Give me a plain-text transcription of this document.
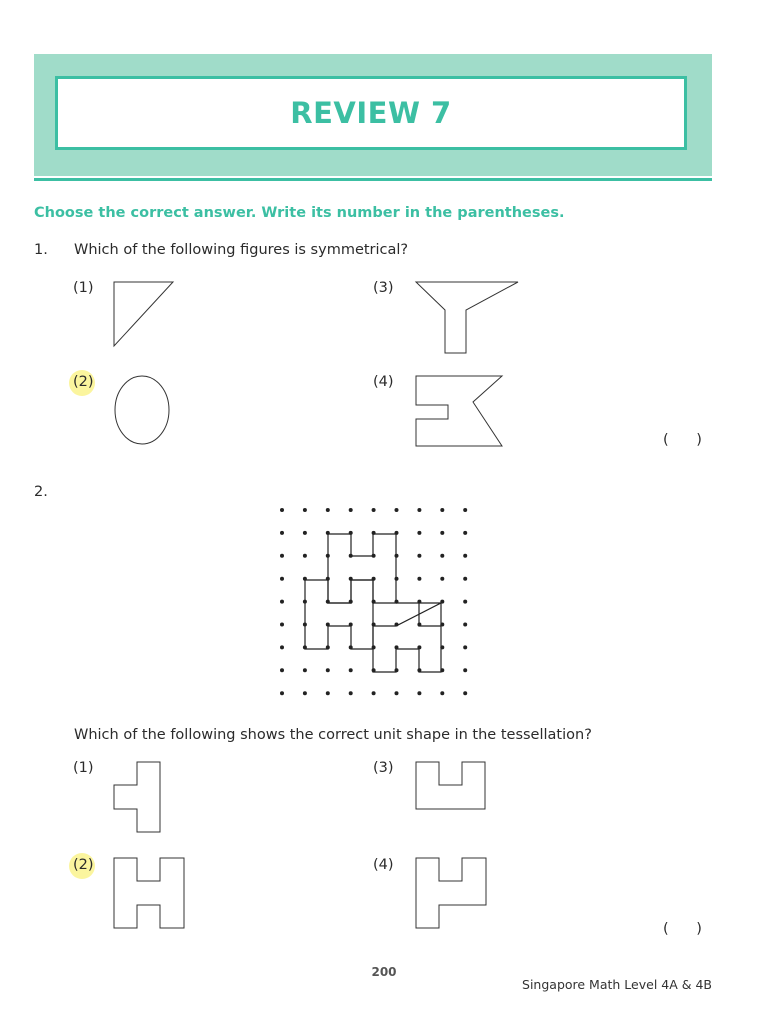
REVIEW 7
Choose the correct answer. Write its number in the parentheses.
1. Which of the following figures is symmetrical?
(1)
(2)
(3)
(4)
(      )
2.
Which of the following shows the correct unit shape in the tessellation?
(1)
(2)
(3)
(4)
(      )
200
Singapore Math Level 4A & 4B
